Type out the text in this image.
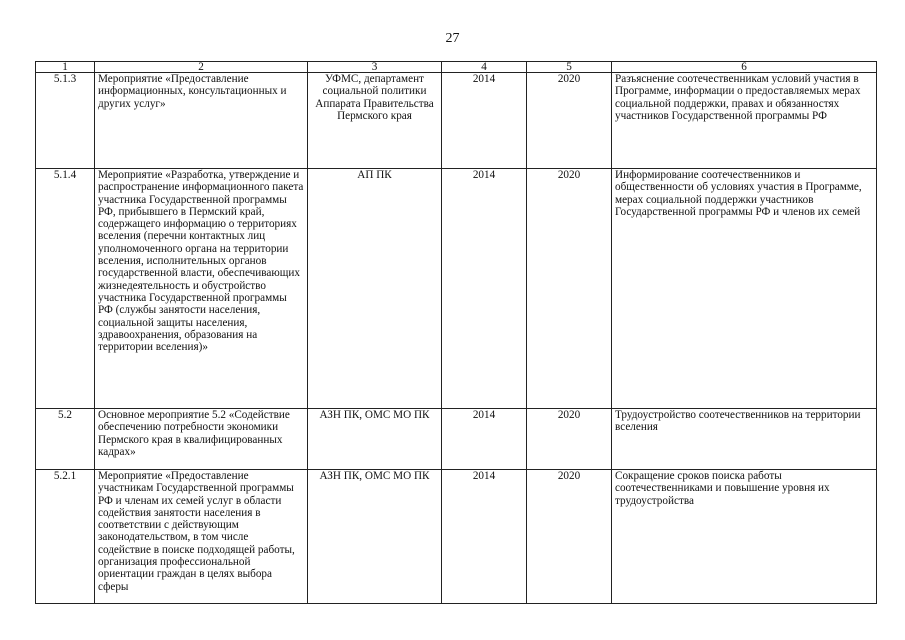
27
1	2	3	4	5	6
5.1.3	Мероприятие «Предоставление информационных, консультационных и других услуг»	УФМС, департамент социальной политики Аппарата Правительства Пермского края	2014	2020	Разъяснение соотечественникам условий участия в Программе, информации о предоставляемых мерах социальной поддержки, правах и обязанностях участников Государственной программы РФ
5.1.4	Мероприятие «Разработка, утверждение и распространение информационного пакета участника Государственной программы РФ, прибывшего в Пермский край, содержащего информацию о территориях вселения (перечни контактных лиц уполномоченного органа на территории вселения, исполнительных органов государственной власти, обеспечивающих жизнедеятельность и обустройство участника Государственной программы РФ (службы занятости населения, социальной защиты населения, здравоохранения, образования на территории вселения)»	АП ПК	2014	2020	Информирование соотечественников и общественности об условиях участия в Программе, мерах социальной поддержки участников Государственной программы РФ и членов их семей
5.2	Основное мероприятие 5.2 «Содействие обеспечению потребности экономики Пермского края в квалифицированных кадрах»	АЗН ПК, ОМС МО ПК	2014	2020	Трудоустройство соотечественников на территории вселения
5.2.1	Мероприятие «Предоставление участникам Государственной программы РФ и членам их семей услуг в области содействия занятости населения в соответствии с действующим законодательством, в том числе содействие в поиске подходящей работы, организация профессиональной ориентации граждан в целях выбора сферы	АЗН ПК, ОМС МО ПК	2014	2020	Сокращение сроков поиска работы соотечественниками и повышение уровня их трудоустройства
